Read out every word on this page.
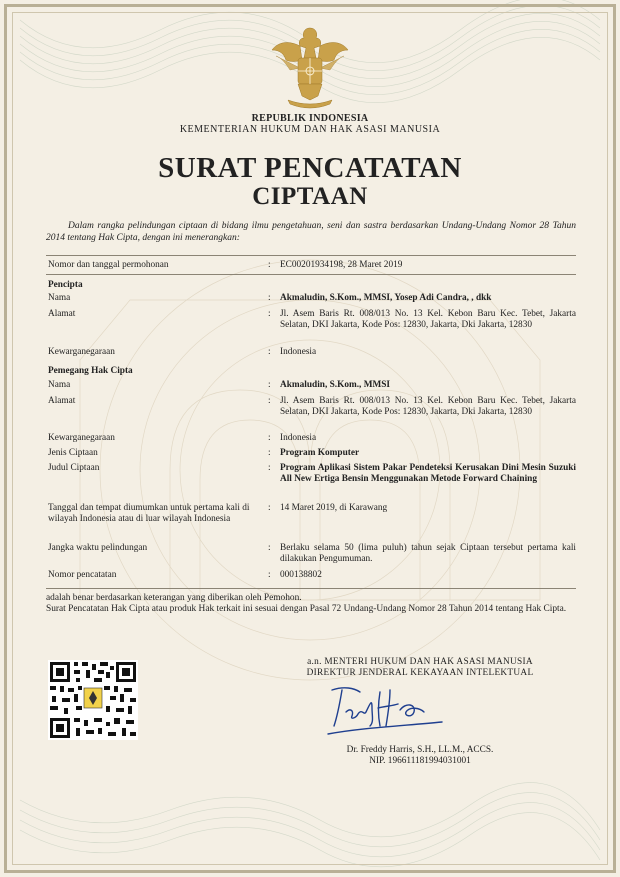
REPUBLIK INDONESIA
KEMENTERIAN HUKUM DAN HAK ASASI MANUSIA
SURAT PENCATATAN
CIPTAAN
Dalam rangka pelindungan ciptaan di bidang ilmu pengetahuan, seni dan sastra berdasarkan Undang-Undang Nomor 28 Tahun 2014 tentang Hak Cipta, dengan ini menerangkan:
Nomor dan tanggal permohonan	: EC00201934198, 28 Maret 2019
Pencipta
Nama	: Akmaludin, S.Kom., MMSI, Yosep Adi Candra, , dkk
Alamat	: Jl. Asem Baris Rt. 008/013 No. 13 Kel. Kebon Baru Kec. Tebet, Jakarta Selatan, DKI Jakarta, Kode Pos: 12830, Jakarta, Dki Jakarta, 12830
Kewarganegaraan	: Indonesia
Pemegang Hak Cipta
Nama	: Akmaludin, S.Kom., MMSI
Alamat	: Jl. Asem Baris Rt. 008/013 No. 13 Kel. Kebon Baru Kec. Tebet, Jakarta Selatan, DKI Jakarta, Kode Pos: 12830, Jakarta, Dki Jakarta, 12830
Kewarganegaraan	: Indonesia
Jenis Ciptaan	: Program Komputer
Judul Ciptaan	: Program Aplikasi Sistem Pakar Pendeteksi Kerusakan Dini Mesin Suzuki All New Ertiga Bensin Menggunakan Metode Forward Chaining
Tanggal dan tempat diumumkan untuk pertama kali di wilayah Indonesia atau di luar wilayah Indonesia
: 14 Maret 2019, di Karawang
Jangka waktu pelindungan	: Berlaku selama 50 (lima puluh) tahun sejak Ciptaan tersebut pertama kali dilakukan Pengumuman.
Nomor pencatatan	: 000138802
adalah benar berdasarkan keterangan yang diberikan oleh Pemohon.
Surat Pencatatan Hak Cipta atau produk Hak terkait ini sesuai dengan Pasal 72 Undang-Undang Nomor 28 Tahun 2014 tentang Hak Cipta.
a.n. MENTERI HUKUM DAN HAK ASASI MANUSIA
DIREKTUR JENDERAL KEKAYAAN INTELEKTUAL
Dr. Freddy Harris, S.H., LL.M., ACCS.
NIP. 196611181994031001
